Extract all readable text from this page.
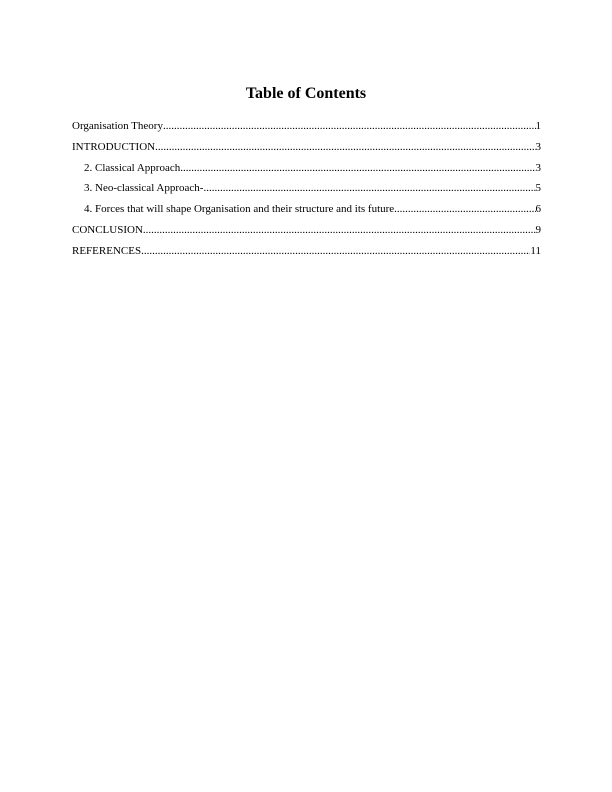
Table of Contents
Organisation Theory .....	1
INTRODUCTION .....	3
2. Classical Approach .....	3
3. Neo-classical Approach- .....	5
4. Forces that will shape Organisation and their structure and its future .....	6
CONCLUSION .....	9
REFERENCES .....	11
